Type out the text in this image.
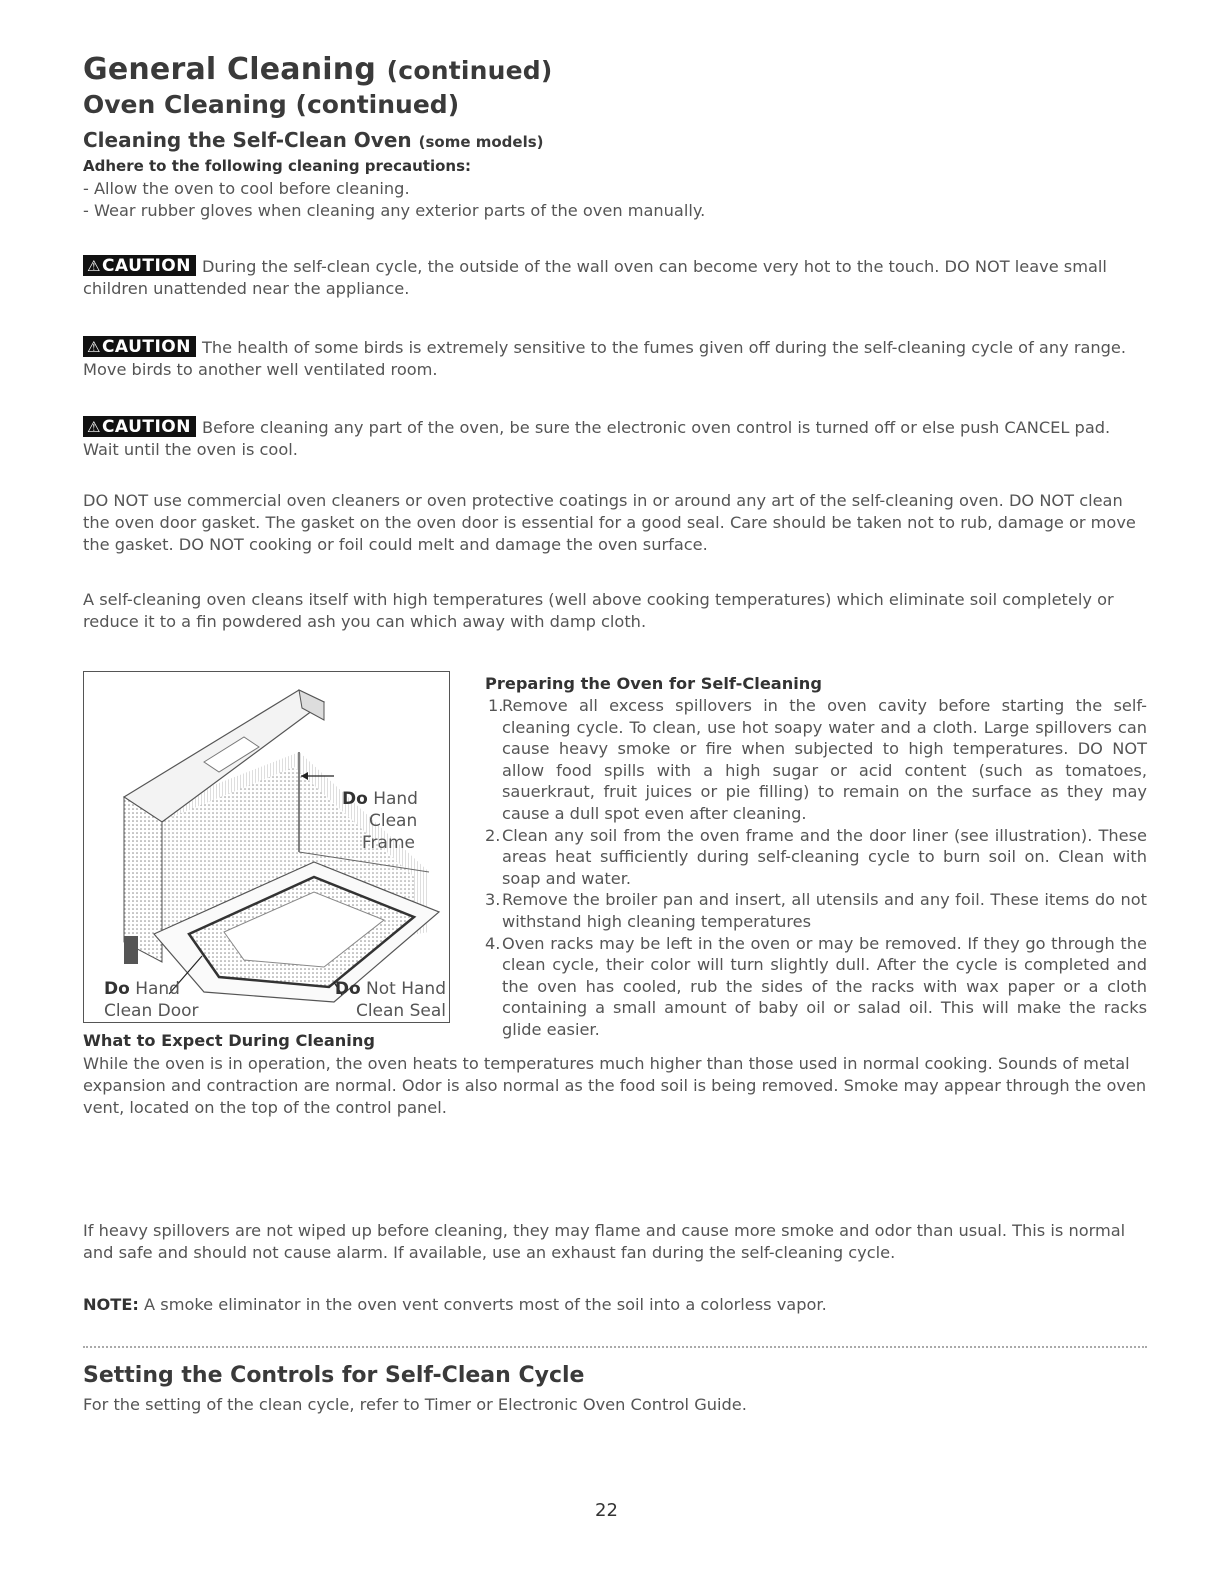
General Cleaning (continued)
Oven Cleaning (continued)
Cleaning the Self-Clean Oven (some models)
Adhere to the following cleaning precautions:
- Allow the oven to cool before cleaning.
- Wear rubber gloves when cleaning any exterior parts of the oven manually.
⚠CAUTION During the self-clean cycle, the outside of the wall oven can become very hot to the touch. DO NOT leave small children unattended near the appliance.
⚠CAUTION The health of some birds is extremely sensitive to the fumes given off during the self-cleaning cycle of any range. Move birds to another well ventilated room.
⚠CAUTION Before cleaning any part of the oven, be sure the electronic oven control is turned off or else push CANCEL pad. Wait until the oven is cool.
DO NOT use commercial oven cleaners or oven protective coatings in or around any art of the self-cleaning oven. DO NOT clean the oven door gasket. The gasket on the oven door is essential for a good seal. Care should be taken not to rub, damage or move the gasket. DO NOT cooking or foil could melt and damage the oven surface.
A self-cleaning oven cleans itself with high temperatures (well above cooking temperatures) which eliminate soil completely or reduce it to a fin powdered ash you can which away with damp cloth.
Do Hand
Clean
Frame
Do Hand
Clean Door
Do Not Hand
Clean Seal
Preparing the Oven for Self-Cleaning
1.
Remove all excess spillovers in the oven cavity before starting the self-cleaning cycle. To clean, use hot soapy water and a cloth. Large spillovers can cause heavy smoke or fire when subjected to high temperatures. DO NOT allow food spills with a high sugar or acid content (such as tomatoes, sauerkraut, fruit juices or pie filling) to remain on the surface as they may cause a dull spot even after cleaning.
2. Clean any soil from the oven frame and the door liner (see illustration). These areas heat sufficiently during self-cleaning cycle to burn soil on. Clean with soap and water.
3. Remove the broiler pan and insert, all utensils and any foil. These items do not withstand high cleaning temperatures
4. Oven racks may be left in the oven or may be removed. If they go through the clean cycle, their color will turn slightly dull. After the cycle is completed and the oven has cooled, rub the sides of the racks with wax paper or a cloth containing a small amount of baby oil or salad oil. This will make the racks glide easier.
What to Expect During Cleaning
While the oven is in operation, the oven heats to temperatures much higher than those used in normal cooking. Sounds of metal expansion and contraction are normal. Odor is also normal as the food soil is being removed. Smoke may appear through the oven vent, located on the top of the control panel.
If heavy spillovers are not wiped up before cleaning, they may flame and cause more smoke and odor than usual. This is normal and safe and should not cause alarm. If available, use an exhaust fan during the self-cleaning cycle.
NOTE: A smoke eliminator in the oven vent converts most of the soil into a colorless vapor.
Setting the Controls for Self-Clean Cycle
For the setting of the clean cycle, refer to Timer or Electronic Oven Control Guide.
22
